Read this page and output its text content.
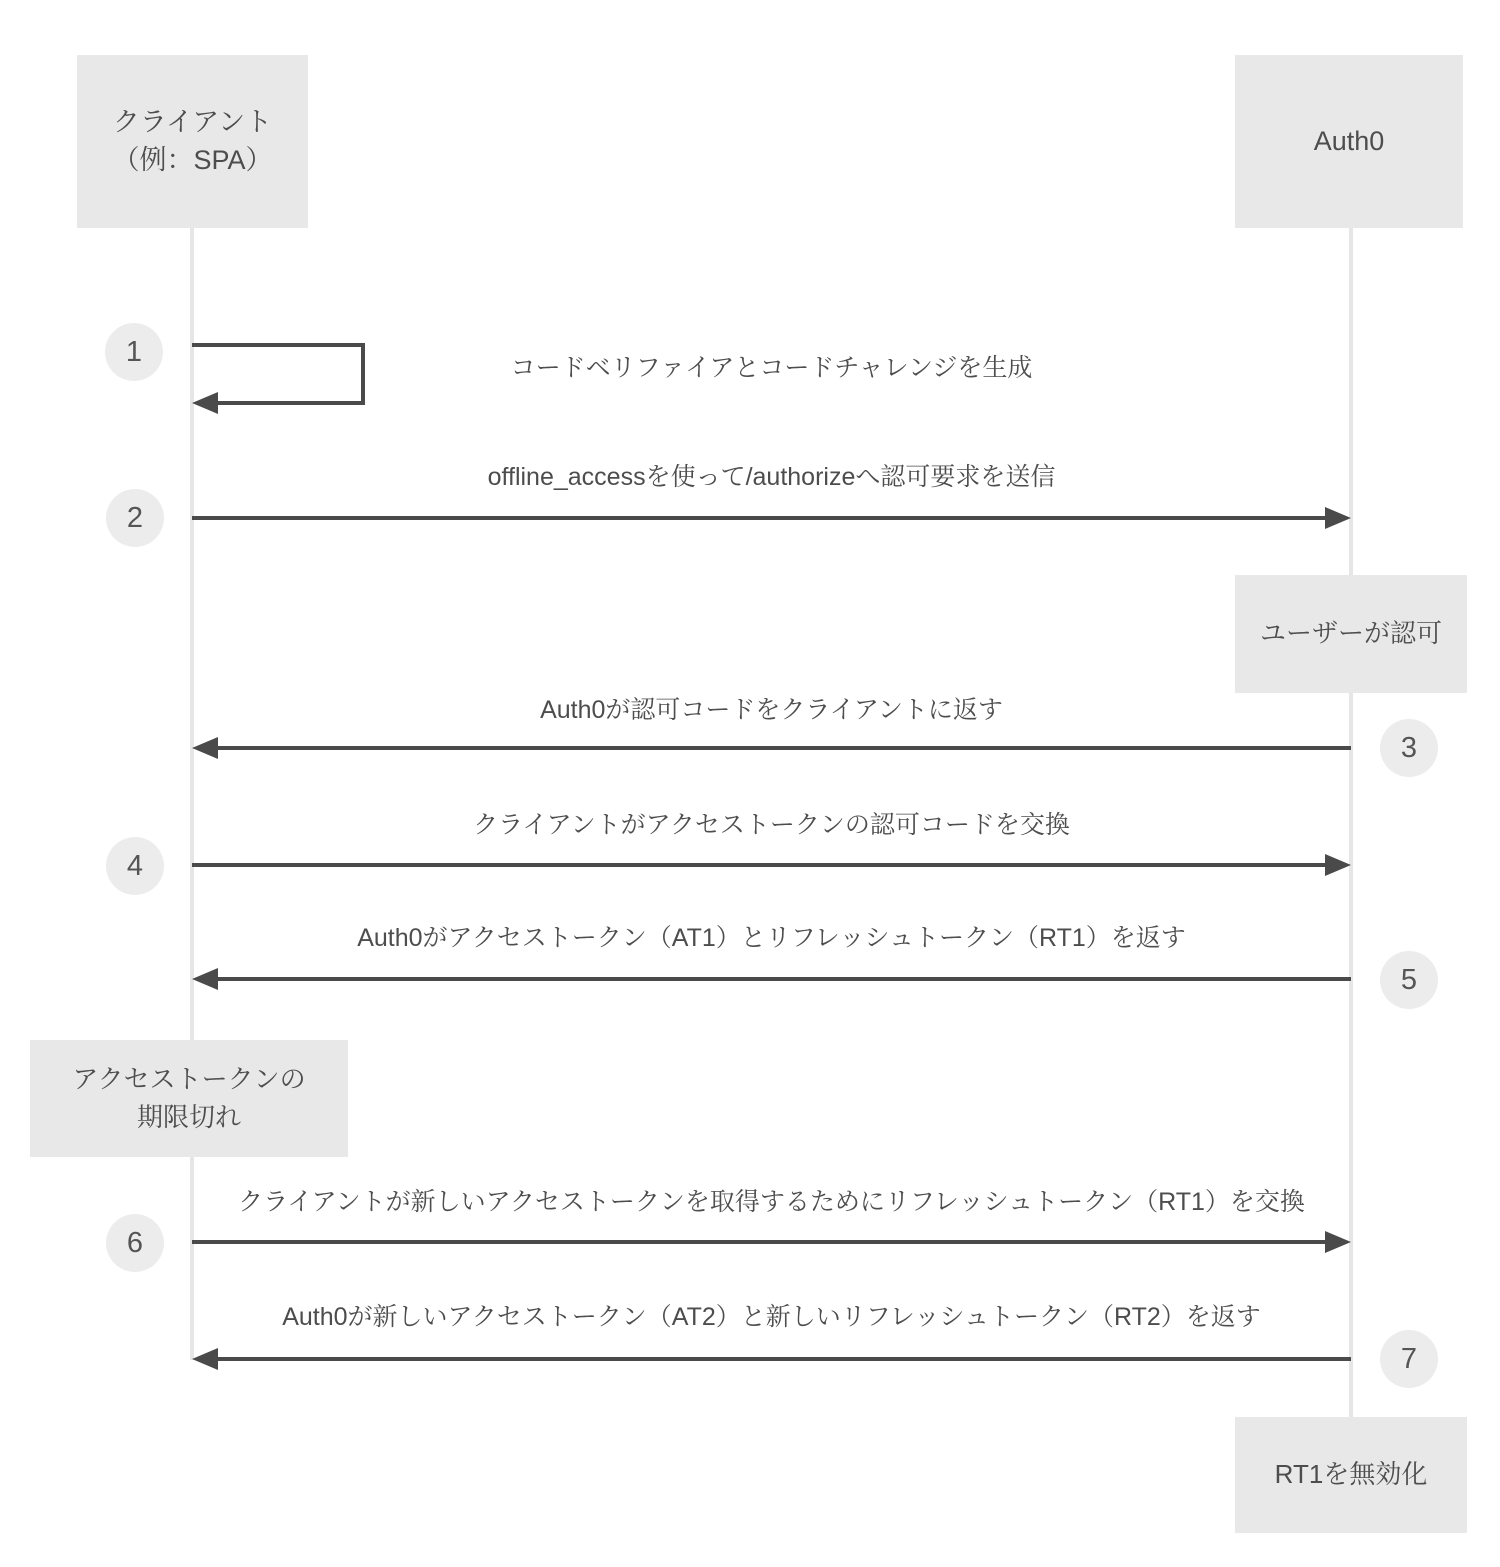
クライアント
（例：SPA）
Auth0
1
コードベリファイアとコードチャレンジを生成
offline_accessを使って/authorizeへ認可要求を送信
2
ユーザーが認可
Auth0が認可コードをクライアントに返す
3
クライアントがアクセストークンの認可コードを交換
4
Auth0がアクセストークン（AT1）とリフレッシュトークン（RT1）を返す
5
アクセストークンの
期限切れ
クライアントが新しいアクセストークンを取得するためにリフレッシュトークン（RT1）を交換
6
Auth0が新しいアクセストークン（AT2）と新しいリフレッシュトークン（RT2）を返す
7
RT1を無効化
